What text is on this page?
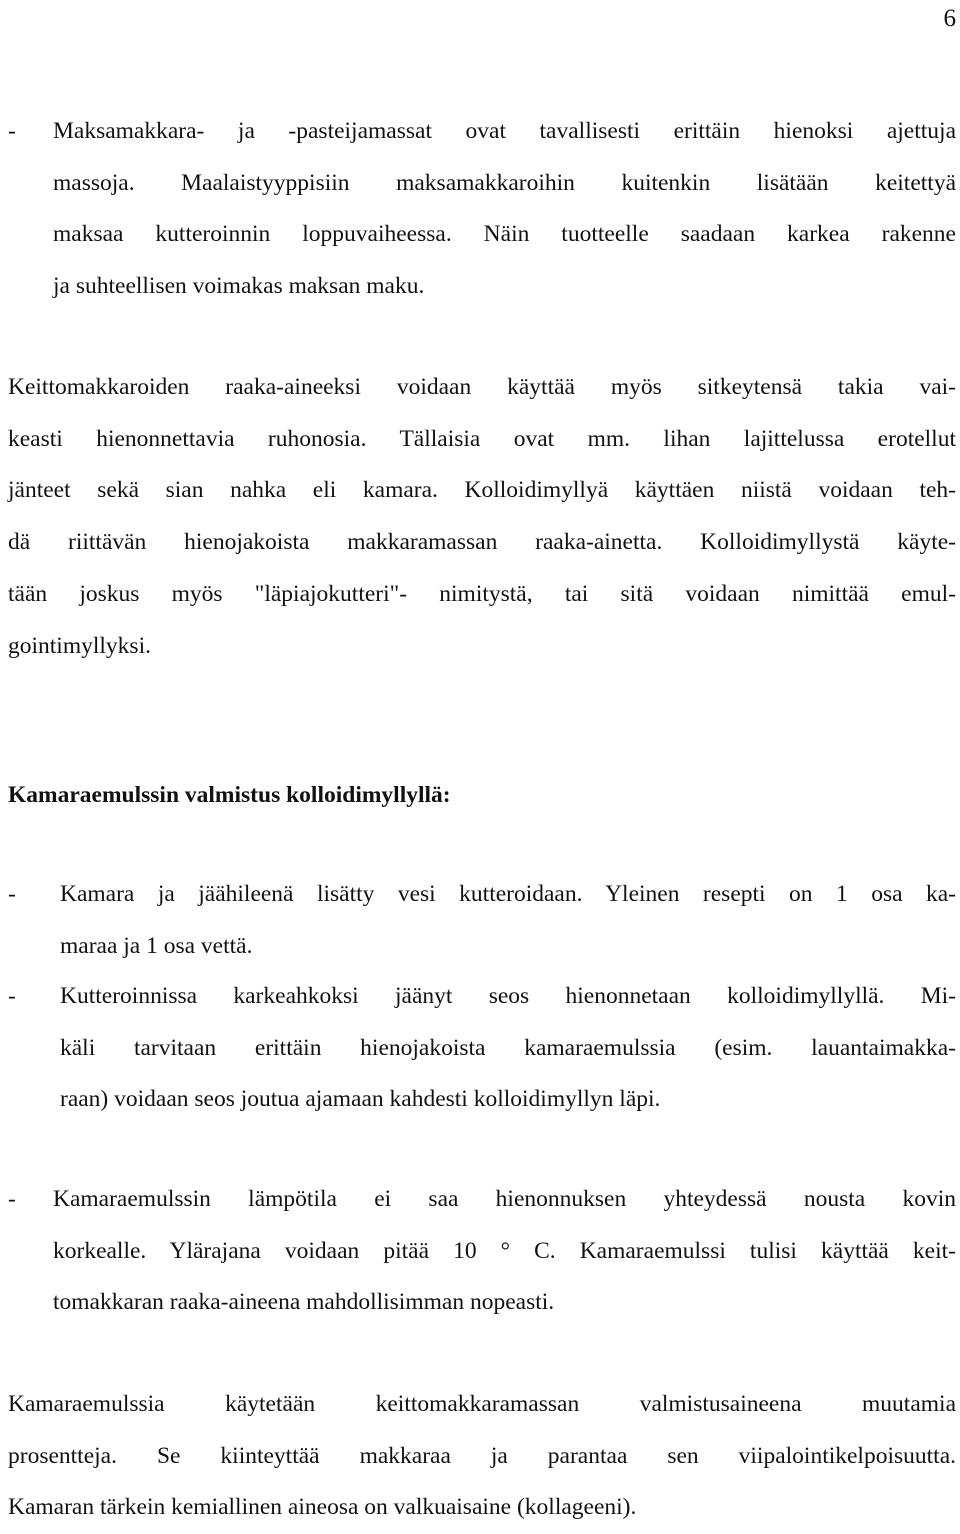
6
- Maksamakkara- ja -pasteijamassat ovat tavallisesti erittäin hienoksi ajettuja
massoja. Maalaistyyppisiin maksamakkaroihin kuitenkin lisätään keitettyä
maksaa kutteroinnin loppuvaiheessa. Näin tuotteelle saadaan karkea rakenne
ja suhteellisen voimakas maksan maku.
Keittomakkaroiden raaka-aineeksi voidaan käyttää myös sitkeytensä takia vai-
keasti hienonnettavia ruhonosia. Tällaisia ovat mm. lihan lajittelussa erotellut
jänteet sekä sian nahka eli kamara. Kolloidimyllyä käyttäen niistä voidaan teh-
dä riittävän hienojakoista makkaramassan raaka-ainetta. Kolloidimyllystä käyte-
tään joskus myös "läpiajokutteri"- nimitystä, tai sitä voidaan nimittää emul-
gointimyllyksi.
Kamaraemulssin valmistus kolloidimyllyllä:
- Kamara ja jäähileenä lisätty vesi kutteroidaan. Yleinen resepti on 1 osa ka-
maraa ja 1 osa vettä.
- Kutteroinnissa karkeahkoksi jäänyt seos hienonnetaan kolloidimyllyllä. Mi-
käli tarvitaan erittäin hienojakoista kamaraemulssia (esim. lauantaimakka-
raan) voidaan seos joutua ajamaan kahdesti kolloidimyllyn läpi.
- Kamaraemulssin lämpötila ei saa hienonnuksen yhteydessä nousta kovin
korkealle. Ylärajana voidaan pitää 10 ° C. Kamaraemulssi tulisi käyttää keit-
tomakkaran raaka-aineena mahdollisimman nopeasti.
Kamaraemulssia käytetään keittomakkaramassan valmistusaineena muutamia
prosentteja. Se kiinteyttää makkaraa ja parantaa sen viipalointikelpoisuutta.
Kamaran tärkein kemiallinen aineosa on valkuaisaine (kollageeni).
